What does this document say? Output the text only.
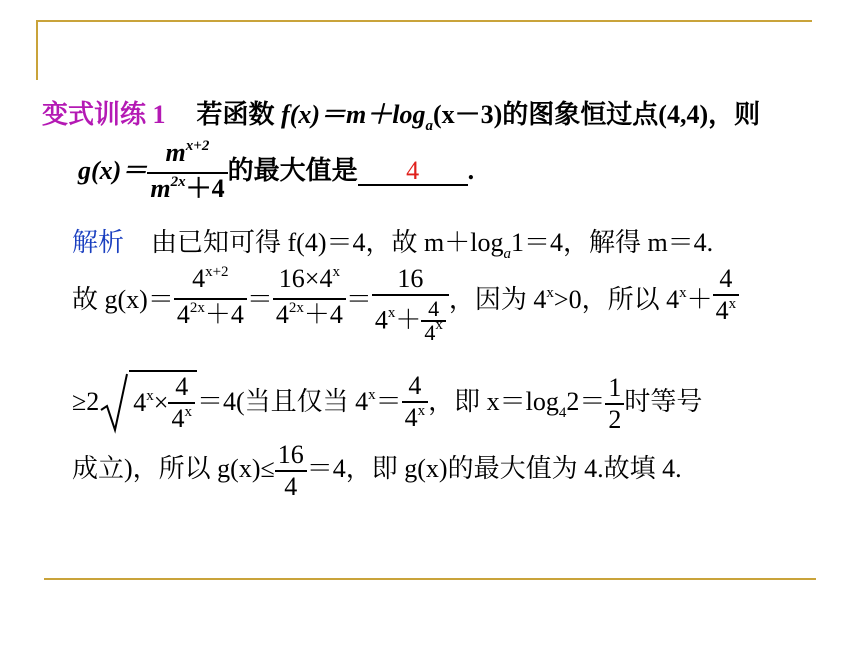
变式训练 1 若函数 $f(x)=m+\log_a(x-3)$的图象恒过点(4,4)，则
$g(x)= \frac{m^{x+2}}{m^{2x}+4}$ 的最大值是 4 .
解析 由已知可得 f(4)＝4，故 $m+\log_a1=4$，解得 m＝4.
故 $g(x)= \frac{4^{x+2}}{4^{2x}+4} = \frac{16\times 4^x}{4^{2x}+4} = \frac{16}{4^x+ \frac{4}{4^x}}$ ，因为 $4^x>0$，所以 $4^x+ \frac{4}{4^x}$
≥2 $4^x\times \frac{4}{4^x} =4$(当且仅当 $4^x= \frac{4}{4^x}$ ，即 $x=\log_42= \frac{1}{2}$ 时等号
成立)，所以 $g(x)\le \frac{16}{4} =4$，即 g(x)的最大值为 4.故填 4.
